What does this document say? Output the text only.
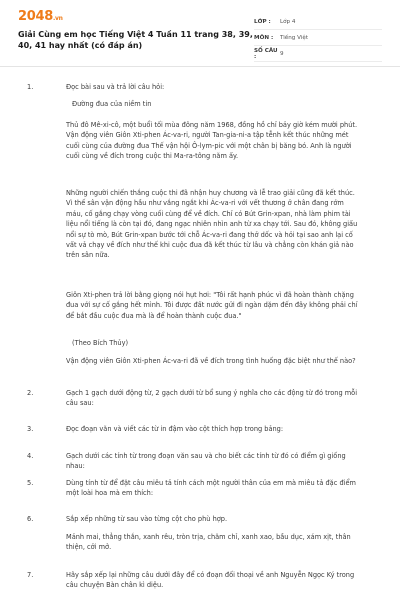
2048.vn
Giải Cùng em học Tiếng Việt 4 Tuần 11 trang 38, 39, 40, 41 hay nhất (có đáp án)
LỚP :	Lớp 4
MÔN :	Tiếng Việt
SỐ CÂU :	9
1.	Đọc bài sau và trả lời câu hỏi:

Đường đua của niềm tin

Thủ đô Mê-xi-cô, một buổi tối mùa đông năm 1968, đồng hồ chỉ bảy giờ kém mười phút. Vận động viên Giôn Xti-phen Ác-va-ri, người Tan-gia-ni-a tập tễnh kết thúc những mét cuối cùng của đường đua Thế vận hội Ô-lym-pic với một chân bị băng bó. Anh là người cuối cùng về đích trong cuộc thi Ma-ra-tông năm ấy.

Những người chiến thắng cuộc thi đã nhận huy chương và lễ trao giải cũng đã kết thúc. Vì thế sân vận động hầu như vắng ngắt khi Ác-va-ri với vết thương ở chân đang rớm máu, cố gắng chạy vòng cuối cùng để về đích. Chỉ có Bút Grin-xpan, nhà làm phim tài liệu nổi tiếng là còn tại đó, đang ngạc nhiên nhìn anh từ xa chạy tới. Sau đó, không giấu nổi sự tò mò, Bút Grin-xpan bước tới chỗ Ác-va-ri đang thở dốc và hỏi tại sao anh lại cố vất vả chạy về đích như thế khi cuộc đua đã kết thúc từ lâu và chẳng còn khán giả nào trên sân nữa.

Giôn Xti-phen trả lời bằng giọng nói hụt hơi: "Tôi rất hạnh phúc vì đã hoàn thành chặng đua với sự cố gắng hết mình. Tôi được đất nước gửi đi ngàn dặm đến đây không phải chỉ để bắt đầu cuộc đua mà là để hoàn thành cuộc đua."

(Theo Bích Thủy)

Vận động viên Giôn Xti-phen Ác-va-ri đã về đích trong tình huống đặc biệt như thế nào?

2.	Gạch 1 gạch dưới động từ, 2 gạch dưới từ bổ sung ý nghĩa cho các động từ đó trong mỗi câu sau:

3.	Đọc đoạn văn và viết các từ in đậm vào cột thích hợp trong bảng:

4.	Gạch dưới các tính từ trong đoạn văn sau và cho biết các tính từ đó có điểm gì giống nhau:

5.	Dùng tính từ để đặt câu miêu tả tính cách một người thân của em mà miêu tả đặc điểm một loài hoa mà em thích:

6.	Sắp xếp những từ sau vào từng cột cho phù hợp.

Mảnh mai, thẳng thắn, xanh rêu, tròn trịa, chăm chỉ, xanh xao, bầu dục, xám xịt, thân thiện, cởi mở.

7.	Hãy sắp xếp lại những câu dưới đây để có đoạn đối thoại về anh Nguyễn Ngọc Ký trong câu chuyện Bàn chân kì diệu.
